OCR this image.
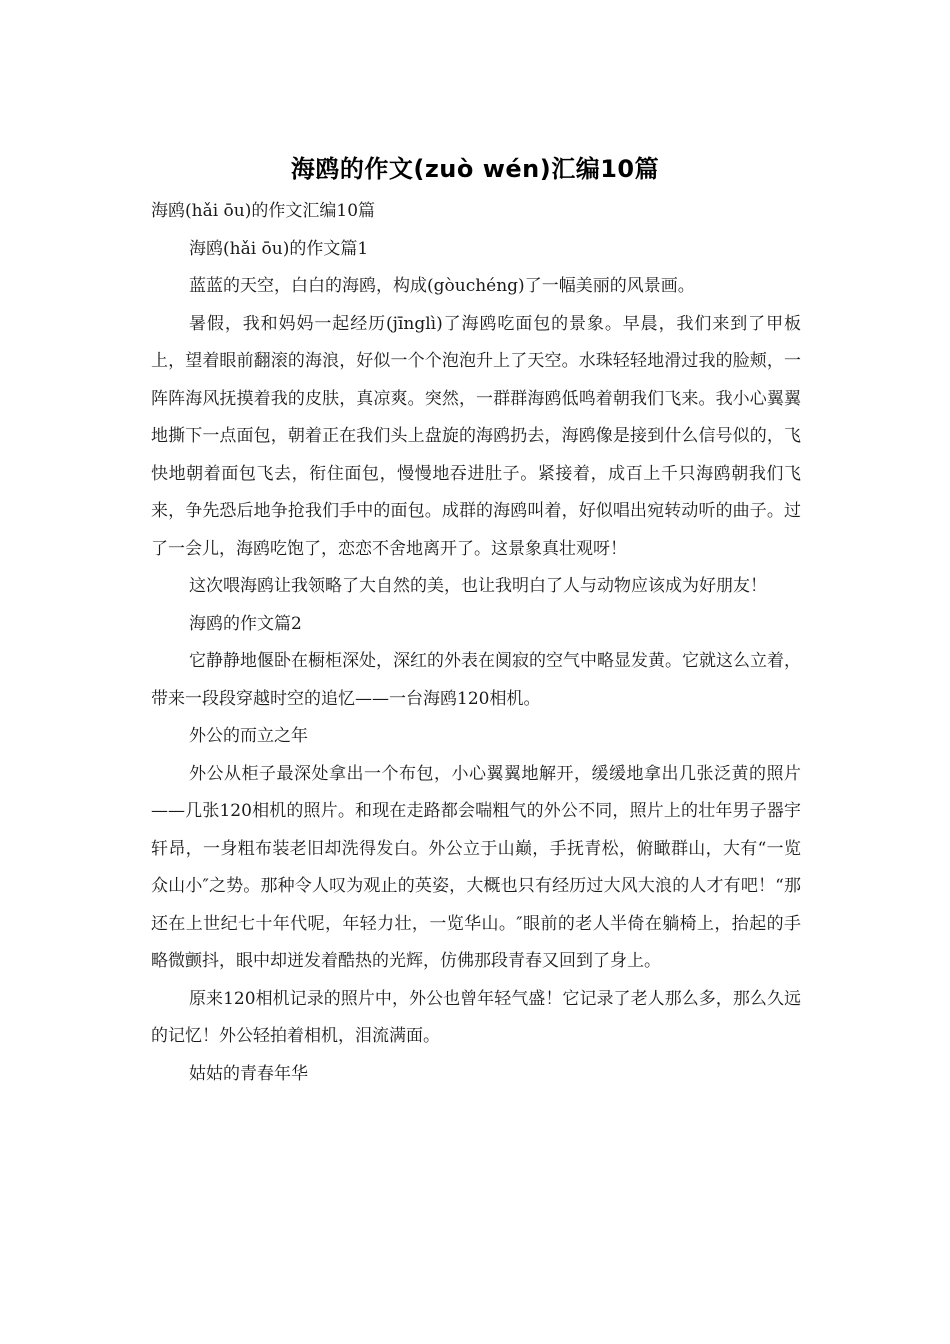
海鸥的作文(zuò wén)汇编10篇

海鸥(hǎi ōu)的作文汇编10篇

海鸥(hǎi ōu)的作文篇1

蓝蓝的天空，白白的海鸥，构成(gòuchéng)了一幅美丽的风景画。

暑假，我和妈妈一起经历(jīnglì)了海鸥吃面包的景象。早晨，我们来到了甲板上，望着眼前翻滚的海浪，好似一个个泡泡升上了天空。水珠轻轻地滑过我的脸颊，一阵阵海风抚摸着我的皮肤，真凉爽。突然，一群群海鸥低鸣着朝我们飞来。我小心翼翼地撕下一点面包，朝着正在我们头上盘旋的海鸥扔去，海鸥像是接到什么信号似的，飞快地朝着面包飞去，衔住面包，慢慢地吞进肚子。紧接着，成百上千只海鸥朝我们飞来，争先恐后地争抢我们手中的面包。成群的海鸥叫着，好似唱出宛转动听的曲子。过了一会儿，海鸥吃饱了，恋恋不舍地离开了。这景象真壮观呀！

这次喂海鸥让我领略了大自然的美，也让我明白了人与动物应该成为好朋友！

海鸥的作文篇2

它静静地偃卧在橱柜深处，深红的外表在阒寂的空气中略显发黄。它就这么立着，带来一段段穿越时空的追忆——一台海鸥120相机。

外公的而立之年

外公从柜子最深处拿出一个布包，小心翼翼地解开，缓缓地拿出几张泛黄的照片——几张120相机的照片。和现在走路都会喘粗气的外公不同，照片上的壮年男子器宇轩昂，一身粗布装老旧却洗得发白。外公立于山巅，手抚青松，俯瞰群山，大有“一览众山小″之势。那种令人叹为观止的英姿，大概也只有经历过大风大浪的人才有吧！“那还在上世纪七十年代呢，年轻力壮，一览华山。″眼前的老人半倚在躺椅上，抬起的手略微颤抖，眼中却迸发着酷热的光辉，仿佛那段青春又回到了身上。

原来120相机记录的照片中，外公也曾年轻气盛！它记录了老人那么多，那么久远的记忆！外公轻拍着相机，泪流满面。

姑姑的青春年华
